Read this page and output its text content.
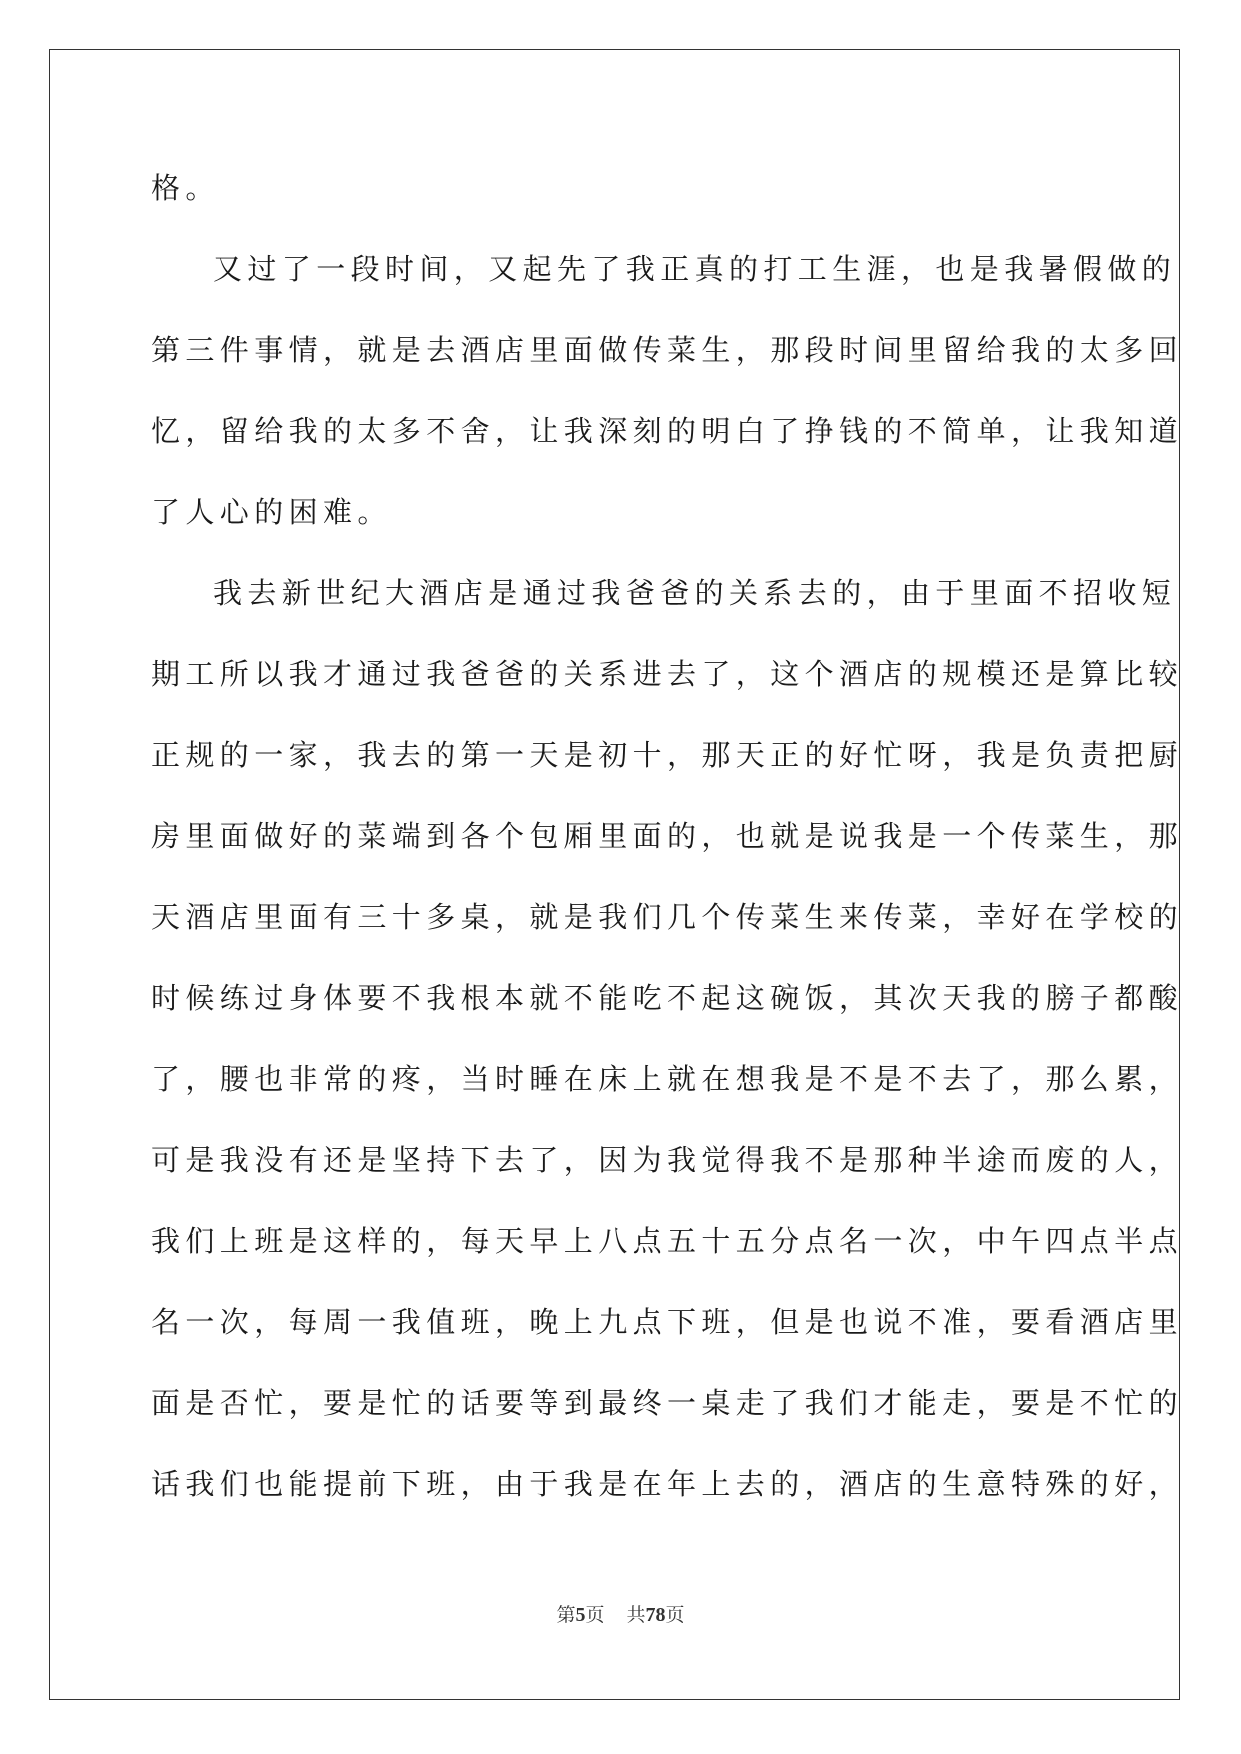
格。
又过了一段时间，又起先了我正真的打工生涯，也是我暑假做的
第三件事情，就是去酒店里面做传菜生，那段时间里留给我的太多回
忆，留给我的太多不舍，让我深刻的明白了挣钱的不简单，让我知道
了人心的困难。
我去新世纪大酒店是通过我爸爸的关系去的，由于里面不招收短
期工所以我才通过我爸爸的关系进去了，这个酒店的规模还是算比较
正规的一家，我去的第一天是初十，那天正的好忙呀，我是负责把厨
房里面做好的菜端到各个包厢里面的，也就是说我是一个传菜生，那
天酒店里面有三十多桌，就是我们几个传菜生来传菜，幸好在学校的
时候练过身体要不我根本就不能吃不起这碗饭，其次天我的膀子都酸
了，腰也非常的疼，当时睡在床上就在想我是不是不去了，那么累，
可是我没有还是坚持下去了，因为我觉得我不是那种半途而废的人，
我们上班是这样的，每天早上八点五十五分点名一次，中午四点半点
名一次，每周一我值班，晚上九点下班，但是也说不准，要看酒店里
面是否忙，要是忙的话要等到最终一桌走了我们才能走，要是不忙的
话我们也能提前下班，由于我是在年上去的，酒店的生意特殊的好，
第5页 共78页
